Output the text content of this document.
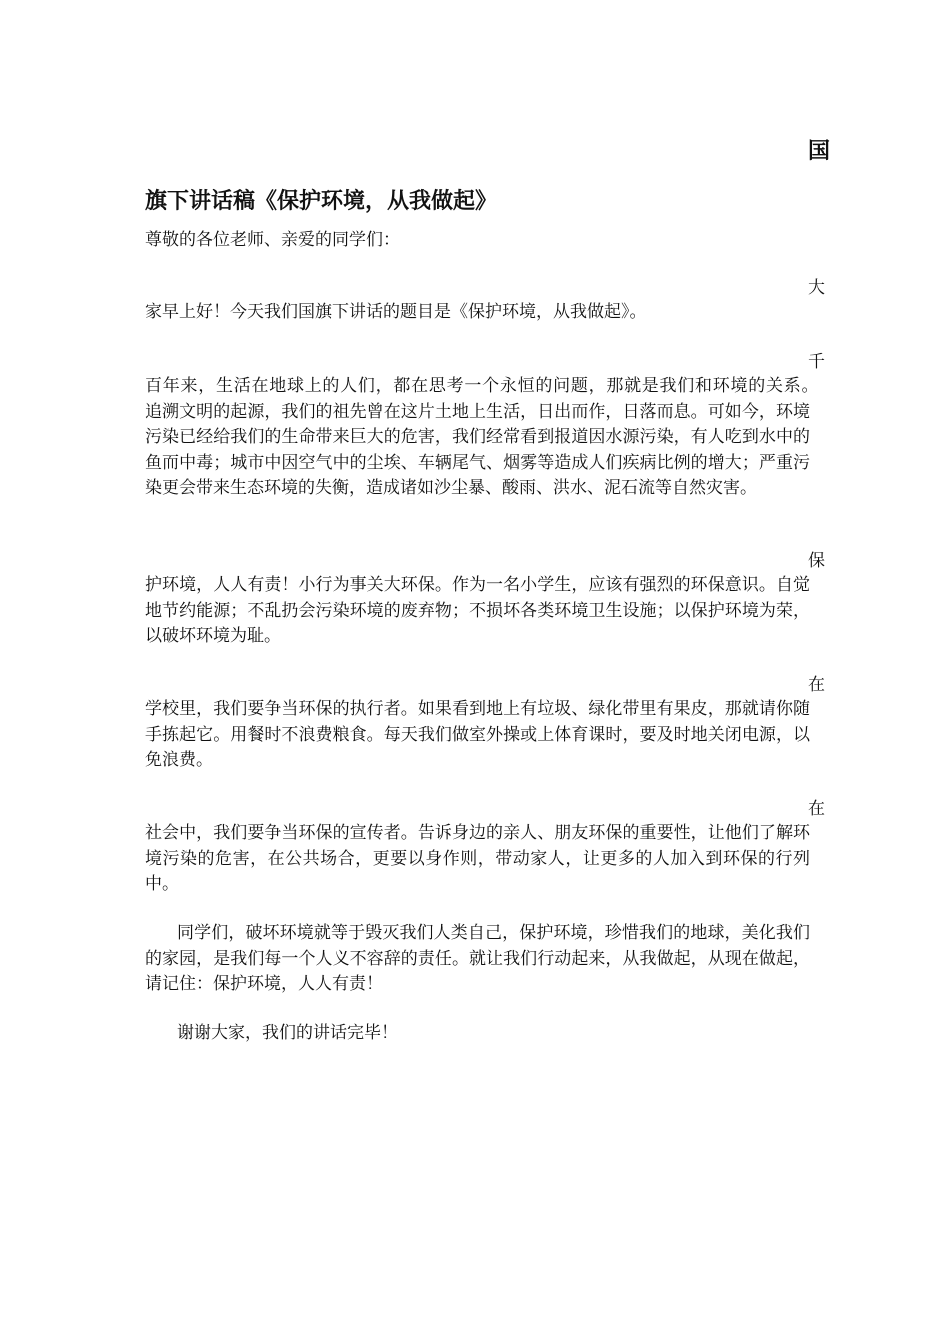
国
旗下讲话稿《保护环境，从我做起》
尊敬的各位老师、亲爱的同学们：
大

家早上好！今天我们国旗下讲话的题目是《保护环境，从我做起》。

千

百年来，生活在地球上的人们，都在思考一个永恒的问题，那就是我们和环境的关系。　追溯文明的起源，我们的祖先曾在这片土地上生活，日出而作，日落而息。可如今，环境污染已经给我们的生命带来巨大的危害，我们经常看到报道因水源污染，有人吃到水中的鱼而中毒；城市中因空气中的尘埃、车辆尾气、烟雾等造成人们疾病比例的增大；严重污染更会带来生态环境的失衡，造成诸如沙尘暴、酸雨、洪水、泥石流等自然灾害。

保

护环境，人人有责！小行为事关大环保。作为一名小学生，应该有强烈的环保意识。自觉地节约能源；不乱扔会污染环境的废弃物；不损坏各类环境卫生设施；以保护环境为荣，以破坏环境为耻。

在

学校里，我们要争当环保的执行者。如果看到地上有垃圾、绿化带里有果皮，那就请你随手拣起它。用餐时不浪费粮食。每天我们做室外操或上体育课时，要及时地关闭电源，以免浪费。

在

社会中，我们要争当环保的宣传者。告诉身边的亲人、朋友环保的重要性，让他们了解环境污染的危害，在公共场合，更要以身作则，带动家人，让更多的人加入到环保的行列中。

同学们，破坏环境就等于毁灭我们人类自己，保护环境，珍惜我们的地球，美化我们的家园，是我们每一个人义不容辞的责任。就让我们行动起来，从我做起，从现在做起，请记住：保护环境，人人有责！

谢谢大家，我们的讲话完毕！
